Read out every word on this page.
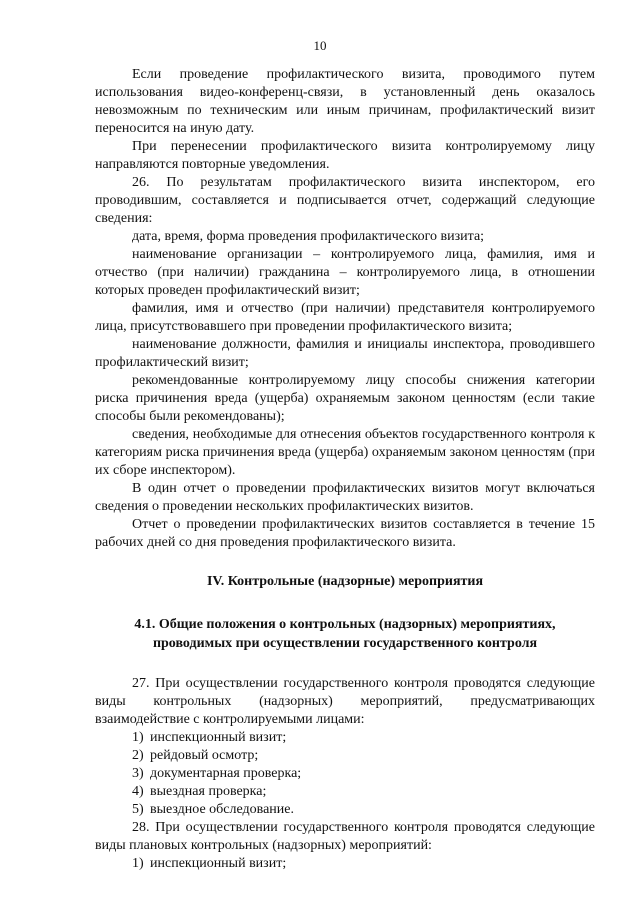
10

Если проведение профилактического визита, проводимого путем использования видео-конференц-связи, в установленный день оказалось невозможным по техническим или иным причинам, профилактический визит переносится на иную дату.

При перенесении профилактического визита контролируемому лицу направляются повторные уведомления.

26. По результатам профилактического визита инспектором, его проводившим, составляется и подписывается отчет, содержащий следующие сведения:

дата, время, форма проведения профилактического визита;

наименование организации – контролируемого лица, фамилия, имя и отчество (при наличии) гражданина – контролируемого лица, в отношении которых проведен профилактический визит;

фамилия, имя и отчество (при наличии) представителя контролируемого лица, присутствовавшего при проведении профилактического визита;

наименование должности, фамилия и инициалы инспектора, проводившего профилактический визит;

рекомендованные контролируемому лицу способы снижения категории риска причинения вреда (ущерба) охраняемым законом ценностям (если такие способы были рекомендованы);

сведения, необходимые для отнесения объектов государственного контроля к категориям риска причинения вреда (ущерба) охраняемым законом ценностям (при их сборе инспектором).

В один отчет о проведении профилактических визитов могут включаться сведения о проведении нескольких профилактических визитов.

Отчет о проведении профилактических визитов составляется в течение 15 рабочих дней со дня проведения профилактического визита.

IV. Контрольные (надзорные) мероприятия

4.1. Общие положения о контрольных (надзорных) мероприятиях,

проводимых при осуществлении государственного контроля

27. При осуществлении государственного контроля проводятся следующие виды контрольных (надзорных) мероприятий, предусматривающих взаимодействие с контролируемыми лицами:

1) инспекционный визит;

2) рейдовый осмотр;

3) документарная проверка;

4) выездная проверка;

5) выездное обследование.

28. При осуществлении государственного контроля проводятся следующие виды плановых контрольных (надзорных) мероприятий:

1) инспекционный визит;
